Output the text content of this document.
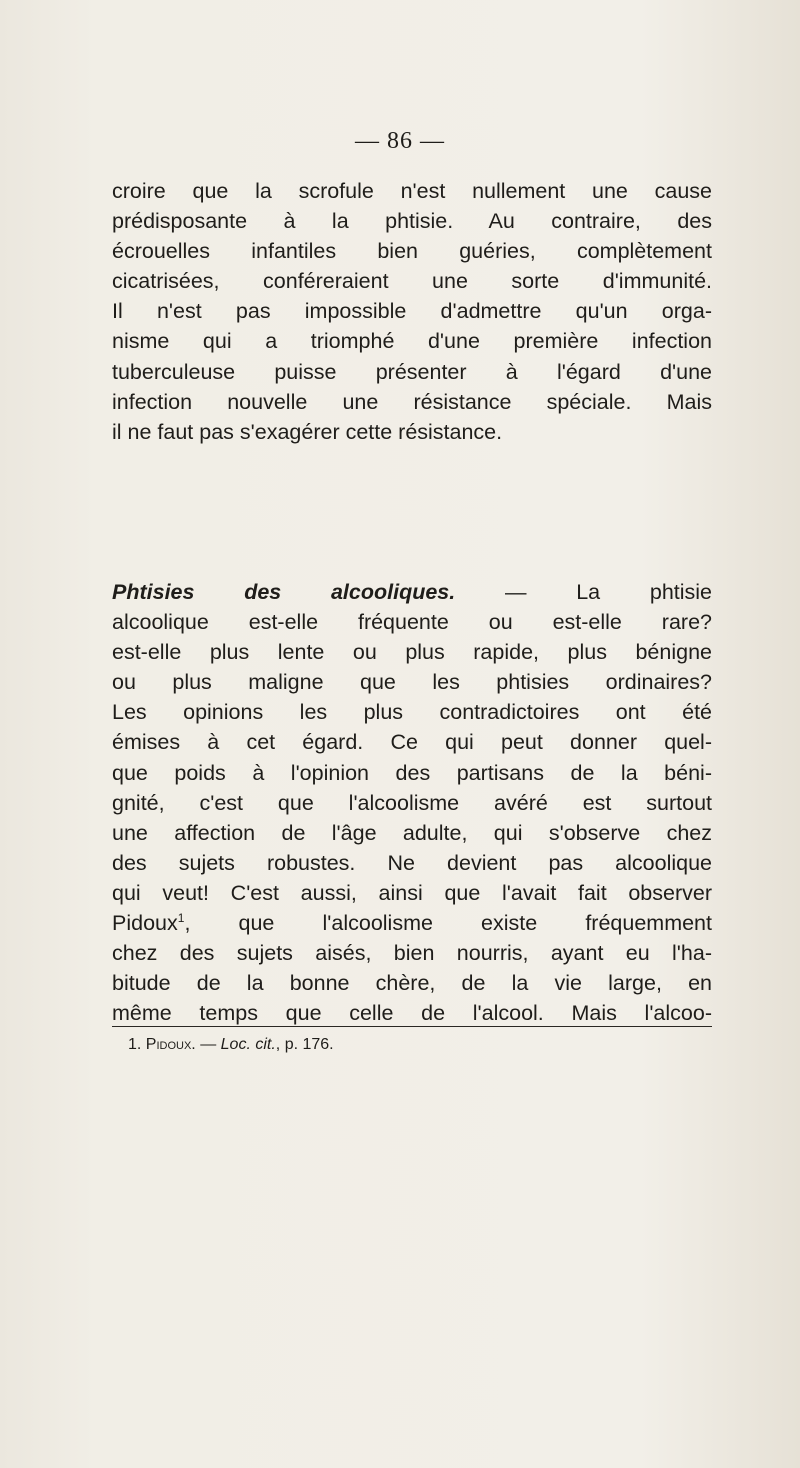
— 86 —
croire que la scrofule n'est nullement une cause
prédisposante à la phtisie. Au contraire, des
écrouelles infantiles bien guéries, complètement
cicatrisées, conféreraient une sorte d'immunité.
Il n'est pas impossible d'admettre qu'un orga-
nisme qui a triomphé d'une première infection
tuberculeuse puisse présenter à l'égard d'une
infection nouvelle une résistance spéciale. Mais
il ne faut pas s'exagérer cette résistance.
Phtisies des alcooliques. — La phtisie
alcoolique est-elle fréquente ou est-elle rare?
est-elle plus lente ou plus rapide, plus bénigne
ou plus maligne que les phtisies ordinaires?
Les opinions les plus contradictoires ont été
émises à cet égard. Ce qui peut donner quel-
que poids à l'opinion des partisans de la béni-
gnité, c'est que l'alcoolisme avéré est surtout
une affection de l'âge adulte, qui s'observe chez
des sujets robustes. Ne devient pas alcoolique
qui veut! C'est aussi, ainsi que l'avait fait observer
Pidoux$^1$, que l'alcoolisme existe fréquemment
chez des sujets aisés, bien nourris, ayant eu l'ha-
bitude de la bonne chère, de la vie large, en
même temps que celle de l'alcool. Mais l'alcoo-
1. Pidoux. — Loc. cit., p. 176.
